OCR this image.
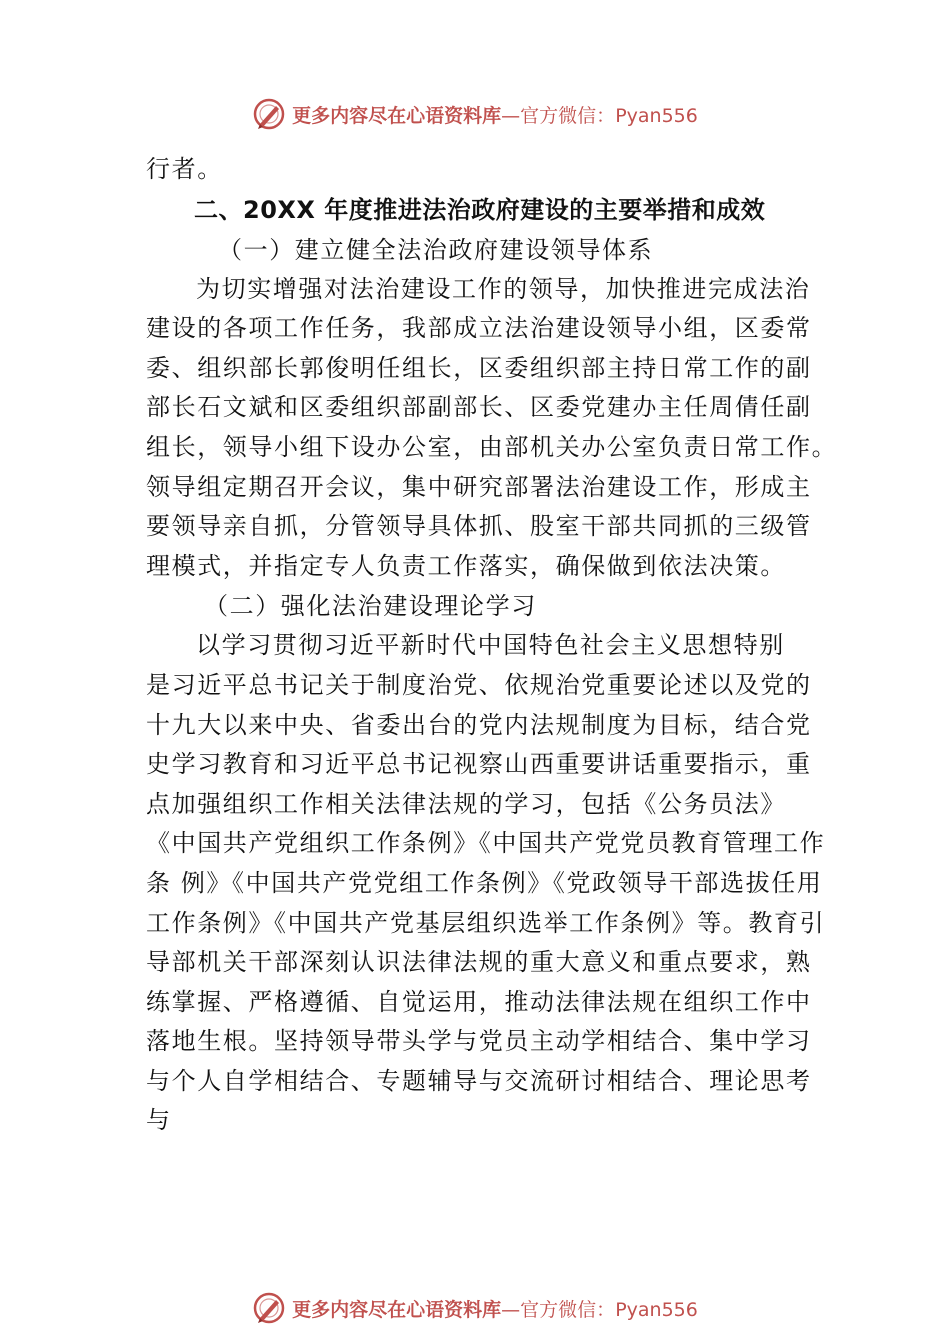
更多内容尽在心语资料库—官方微信：Pyan556
行者。
二、20XX 年度推进法治政府建设的主要举措和成效
（一）建立健全法治政府建设领导体系
为切实增强对法治建设工作的领导，加快推进完成法治
建设的各项工作任务，我部成立法治建设领导小组，区委常
委、组织部长郭俊明任组长，区委组织部主持日常工作的副
部长石文斌和区委组织部副部长、区委党建办主任周倩任副
组长，领导小组下设办公室，由部机关办公室负责日常工作。
领导组定期召开会议，集中研究部署法治建设工作，形成主
要领导亲自抓，分管领导具体抓、股室干部共同抓的三级管
理模式，并指定专人负责工作落实，确保做到依法决策。
（二）强化法治建设理论学习
以学习贯彻习近平新时代中国特色社会主义思想特别
是习近平总书记关于制度治党、依规治党重要论述以及党的
十九大以来中央、省委出台的党内法规制度为目标，结合党
史学习教育和习近平总书记视察山西重要讲话重要指示，重
点加强组织工作相关法律法规的学习，包括《公务员法》
《中国共产党组织工作条例》《中国共产党党员教育管理工作
条 例》《中国共产党党组工作条例》《党政领导干部选拔任用
工作条例》《中国共产党基层组织选举工作条例》等。教育引
导部机关干部深刻认识法律法规的重大意义和重点要求，熟
练掌握、严格遵循、自觉运用，推动法律法规在组织工作中
落地生根。坚持领导带头学与党员主动学相结合、集中学习
与个人自学相结合、专题辅导与交流研讨相结合、理论思考
与
更多内容尽在心语资料库—官方微信：Pyan556
